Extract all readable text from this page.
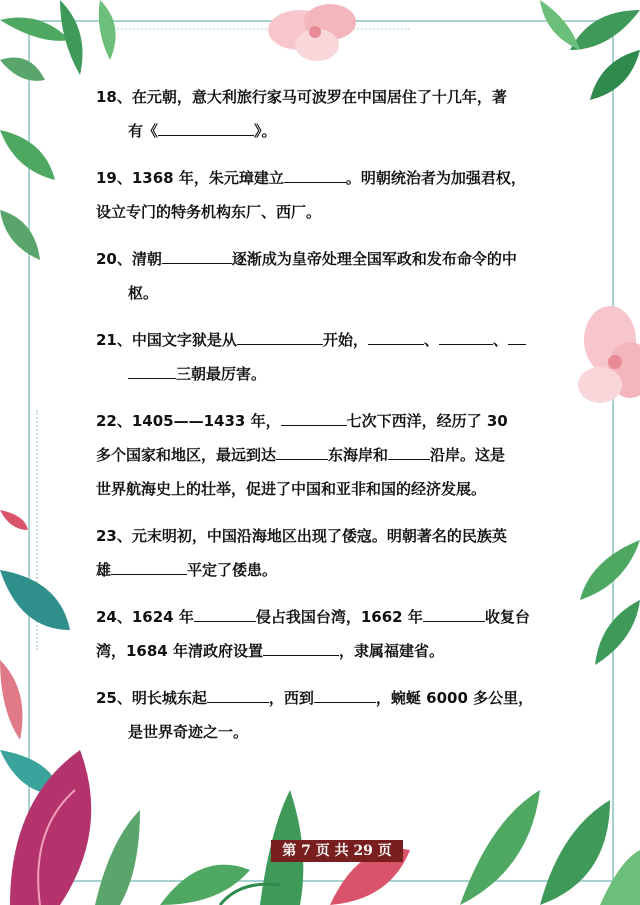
18、在元朝，意大利旅行家马可波罗在中国居住了十几年，著
有《	》。
19、1368 年，朱元璋建立	。明朝统治者为加强君权，
设立专门的特务机构东厂、西厂。
20、清朝	逐渐成为皇帝处理全国军政和发布命令的中
枢。
21、中国文字狱是从	开始，	、	、
三朝最厉害。
22、1405——1433 年，	七次下西洋，经历了 30
多个国家和地区，最远到达	东海岸和	沿岸。这是
世界航海史上的壮举，促进了中国和亚非和国的经济发展。
23、元末明初，中国沿海地区出现了倭寇。明朝著名的民族英
雄	平定了倭患。
24、1624 年	侵占我国台湾，1662 年	收复台
湾，1684 年清政府设置	，隶属福建省。
25、明长城东起	，西到	，蜿蜒 6000 多公里，
是世界奇迹之一。
第 7 页 共 29 页
